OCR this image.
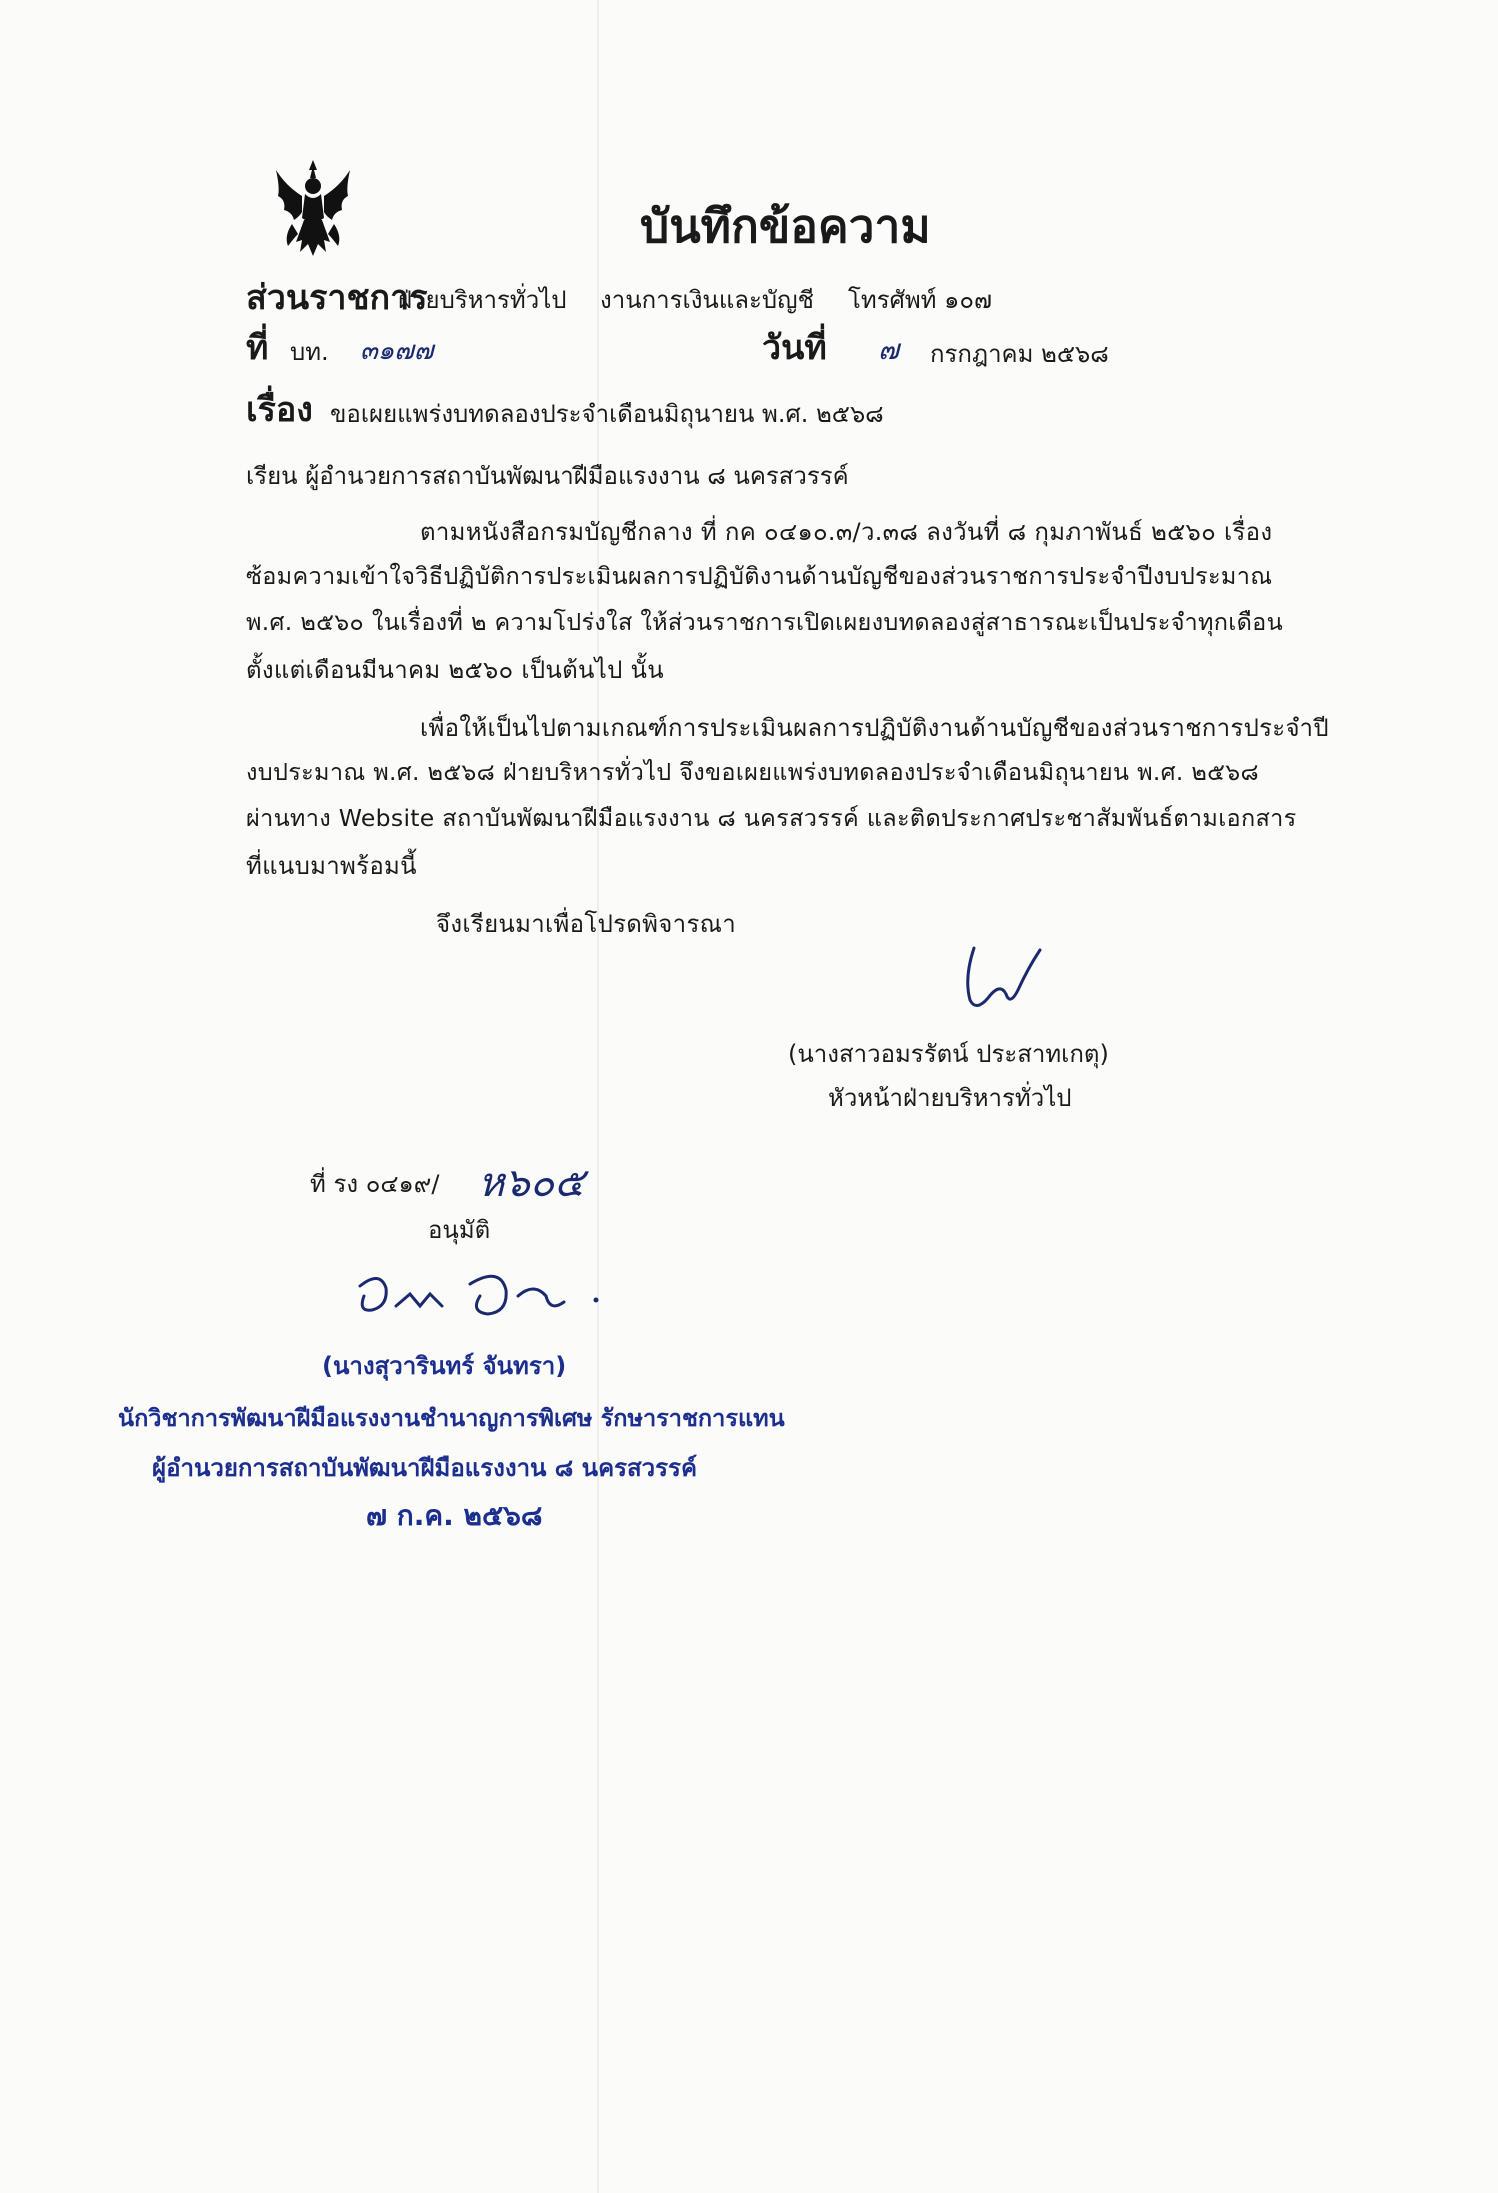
บันทึกข้อความ
ส่วนราชการ
ฝ่ายบริหารทั่วไป งานการเงินและบัญชี โทรศัพท์ ๑๐๗
ที่ บท. ๓๑๗๗	วันที่ ๗ กรกฎาคม ๒๕๖๘
เรื่อง ขอเผยแพร่งบทดลองประจำเดือนมิถุนายน พ.ศ. ๒๕๖๘
เรียน ผู้อำนวยการสถาบันพัฒนาฝีมือแรงงาน ๘ นครสวรรค์
ตามหนังสือกรมบัญชีกลาง ที่ กค ๐๔๑๐.๓/ว.๓๘ ลงวันที่ ๘ กุมภาพันธ์ ๒๕๖๐ เรื่อง
ซ้อมความเข้าใจวิธีปฏิบัติการประเมินผลการปฏิบัติงานด้านบัญชีของส่วนราชการประจำปีงบประมาณ
พ.ศ. ๒๕๖๐ ในเรื่องที่ ๒ ความโปร่งใส ให้ส่วนราชการเปิดเผยงบทดลองสู่สาธารณะเป็นประจำทุกเดือน
ตั้งแต่เดือนมีนาคม ๒๕๖๐ เป็นต้นไป นั้น
เพื่อให้เป็นไปตามเกณฑ์การประเมินผลการปฏิบัติงานด้านบัญชีของส่วนราชการประจำปี
งบประมาณ พ.ศ. ๒๕๖๘ ฝ่ายบริหารทั่วไป จึงขอเผยแพร่งบทดลองประจำเดือนมิถุนายน พ.ศ. ๒๕๖๘
ผ่านทาง Website สถาบันพัฒนาฝีมือแรงงาน ๘ นครสวรรค์ และติดประกาศประชาสัมพันธ์ตามเอกสาร
ที่แนบมาพร้อมนี้
จึงเรียนมาเพื่อโปรดพิจารณา
(นางสาวอมรรัตน์ ประสาทเกตุ)
หัวหน้าฝ่ายบริหารทั่วไป
ที่ รง ๐๔๑๙/ ห๖๐๕
อนุมัติ
(นางสุวารินทร์ จันทรา)
นักวิชาการพัฒนาฝีมือแรงงานชำนาญการพิเศษ รักษาราชการแทน
ผู้อำนวยการสถาบันพัฒนาฝีมือแรงงาน ๘ นครสวรรค์
๗ ก.ค. ๒๕๖๘
